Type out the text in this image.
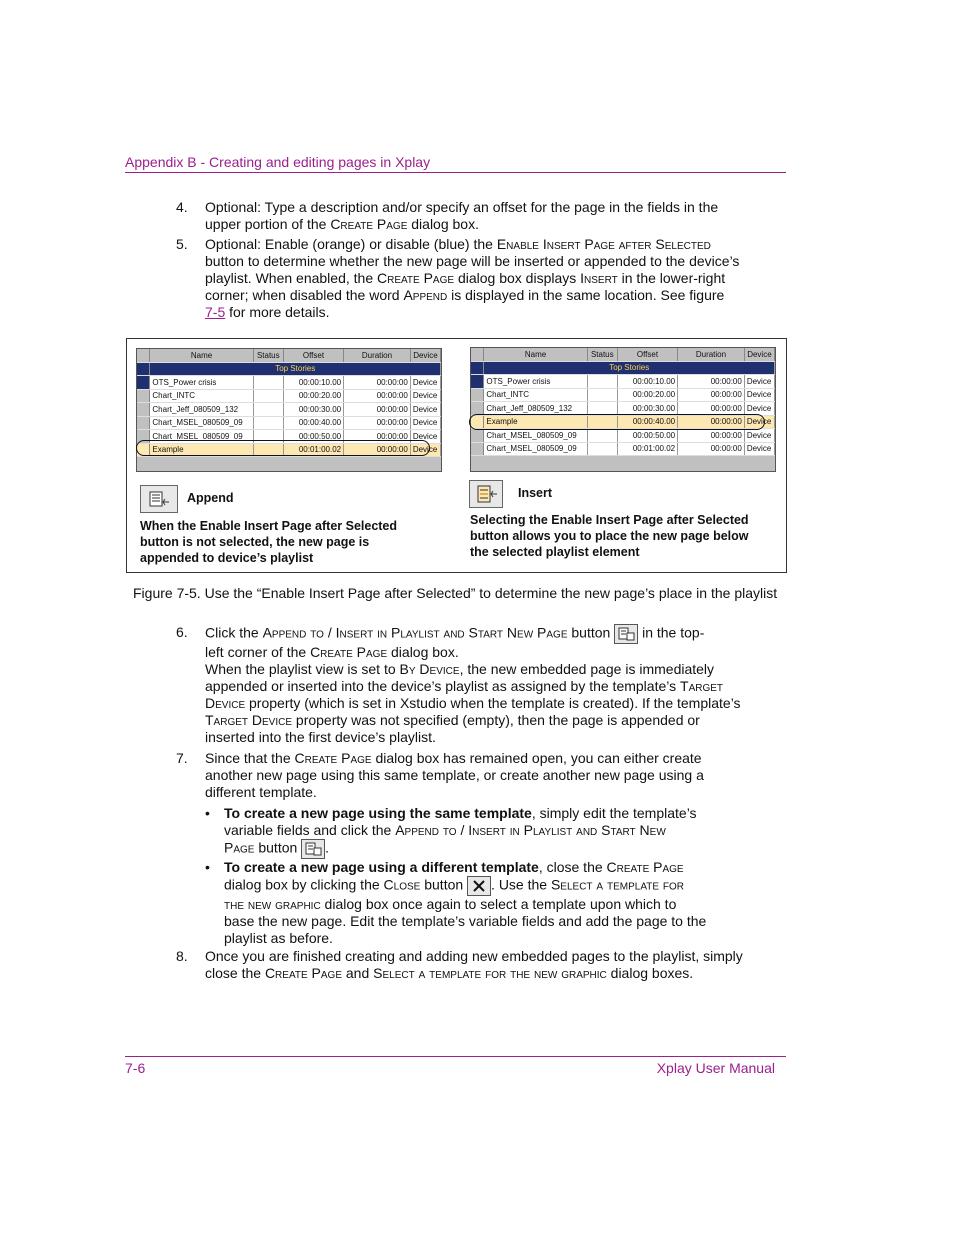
Appendix B - Creating and editing pages in Xplay
4. Optional: Type a description and/or specify an offset for the page in the fields in the
upper portion of the Create Page dialog box.
5. Optional: Enable (orange) or disable (blue) the Enable Insert Page after Selected
button to determine whether the new page will be inserted or appended to the device’s
playlist. When enabled, the Create Page dialog box displays Insert in the lower-right
corner; when disabled the word Append is displayed in the same location. See figure
7-5 for more details.
	Name	Status	Offset	Duration	Device
	Top Stories				
	OTS_Power crisis		00:00:10.00	00:00:00	Device
	Chart_INTC		00:00:20.00	00:00:00	Device
	Chart_Jeff_080509_132		00:00:30.00	00:00:00	Device
	Chart_MSEL_080509_09		00:00:40.00	00:00:00	Device
	Chart_MSEL_080509_09		00:00:50.00	00:00:00	Device
	Example		00:01:00.02	00:00:00	Device
	Name	Status	Offset	Duration	Device
	Top Stories				
	OTS_Power crisis		00:00:10.00	00:00:00	Device
	Chart_INTC		00:00:20.00	00:00:00	Device
	Chart_Jeff_080509_132		00:00:30.00	00:00:00	Device
	Example		00:00:40.00	00:00:00	Device
	Chart_MSEL_080509_09		00:00:50.00	00:00:00	Device
	Chart_MSEL_080509_09		00:01:00.02	00:00:00	Device
Append
When the Enable Insert Page after Selected
button is not selected, the new page is
appended to device’s playlist
Insert
Selecting the Enable Insert Page after Selected
button allows you to place the new page below
the selected playlist element
Figure 7-5. Use the “Enable Insert Page after Selected” to determine the new page’s place in the playlist
6. Click the Append to / Insert in Playlist and Start New Page button  in the top-
left corner of the Create Page dialog box.
When the playlist view is set to By Device, the new embedded page is immediately
appended or inserted into the device’s playlist as assigned by the template’s Target
Device property (which is set in Xstudio when the template is created). If the template’s
Target Device property was not specified (empty), then the page is appended or
inserted into the first device’s playlist.
7. Since that the Create Page dialog box has remained open, you can either create
another new page using this same template, or create another new page using a
different template.
• To create a new page using the same template, simply edit the template’s
variable fields and click the Append to / Insert in Playlist and Start New
Page button .
• To create a new page using a different template, close the Create Page
dialog box by clicking the Close button . Use the Select a template for
the new graphic dialog box once again to select a template upon which to
base the new page. Edit the template’s variable fields and add the page to the
playlist as before.
8. Once you are finished creating and adding new embedded pages to the playlist, simply
close the Create Page and Select a template for the new graphic dialog boxes.
7-6	Xplay User Manual
